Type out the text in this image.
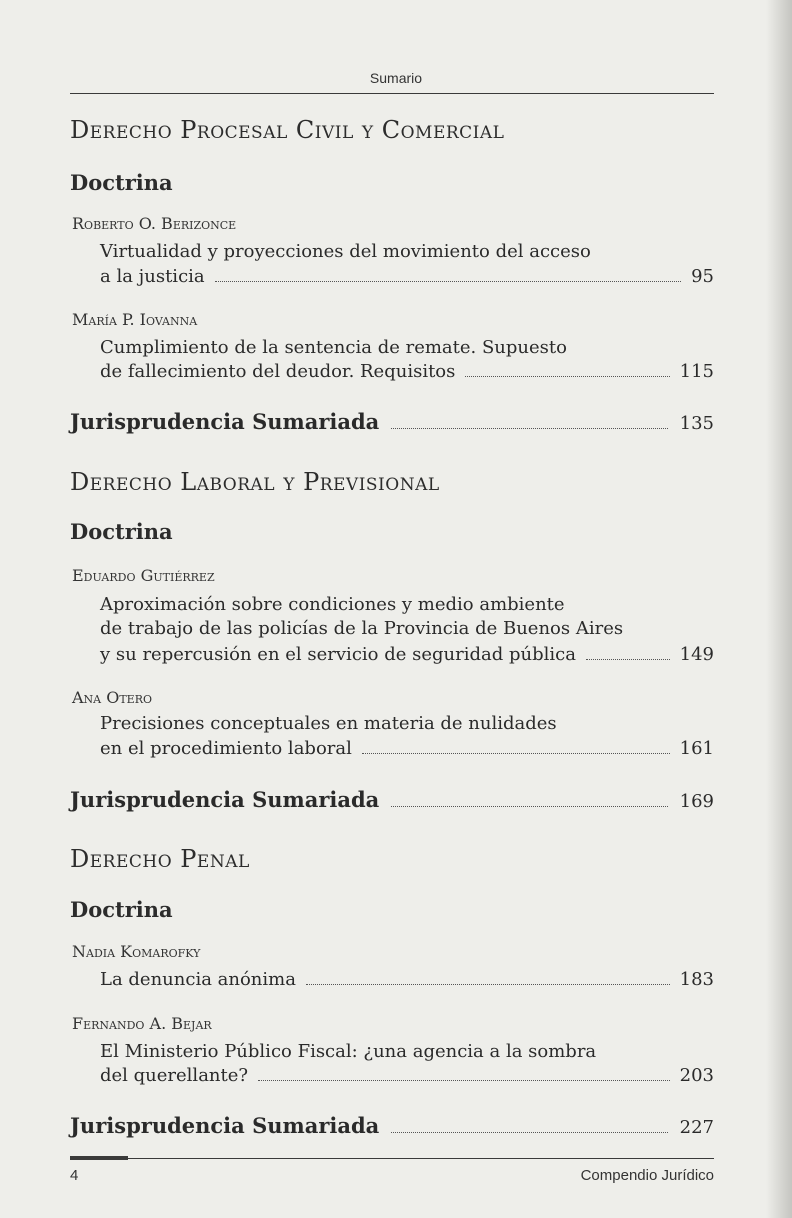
Sumario
Derecho Procesal Civil y Comercial
Doctrina
Roberto O. Berizonce
Virtualidad y proyecciones del movimiento del acceso
a la justicia	95
María P. Iovanna
Cumplimiento de la sentencia de remate. Supuesto
de fallecimiento del deudor. Requisitos	115
Jurisprudencia Sumariada	135
Derecho Laboral y Previsional
Doctrina
Eduardo Gutiérrez
Aproximación sobre condiciones y medio ambiente
de trabajo de las policías de la Provincia de Buenos Aires
y su repercusión en el servicio de seguridad pública	149
Ana Otero
Precisiones conceptuales en materia de nulidades
en el procedimiento laboral	161
Jurisprudencia Sumariada	169
Derecho Penal
Doctrina
Nadia Komarofky
La denuncia anónima	183
Fernando A. Bejar
El Ministerio Público Fiscal: ¿una agencia a la sombra
del querellante?	203
Jurisprudencia Sumariada	227
4	Compendio Jurídico
